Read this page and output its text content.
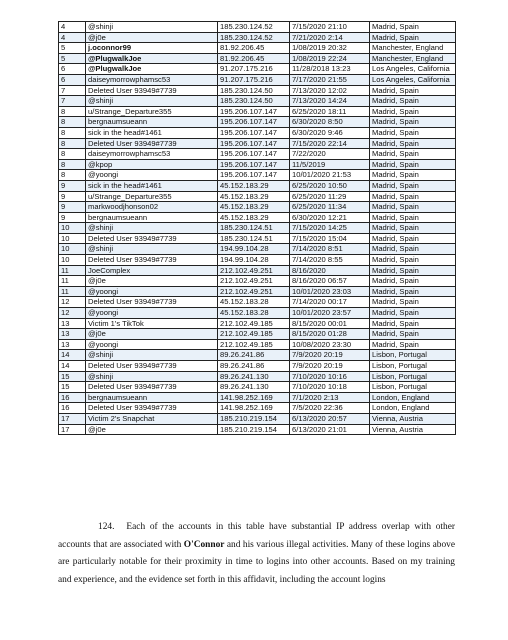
4	@shinji	185.230.124.52	7/15/2020 21:10	Madrid, Spain
4	@j0e	185.230.124.52	7/21/2020 2:14	Madrid, Spain
5	j.oconnor99	81.92.206.45	1/08/2019 20:32	Manchester, England
5	@PlugwalkJoe	81.92.206.45	1/08/2019 22:24	Manchester, England
6	@PlugwalkJoe	91.207.175.216	11/28/2018 13:23	Los Angeles, California
6	daiseymorrowphamsc53	91.207.175.216	7/17/2020 21:55	Los Angeles, California
7	Deleted User 93949#7739	185.230.124.50	7/13/2020 12:02	Madrid, Spain
7	@shinji	185.230.124.50	7/13/2020 14:24	Madrid, Spain
8	u/Strange_Departure355	195.206.107.147	6/25/2020 18:11	Madrid, Spain
8	bergnaumsueann	195.206.107.147	6/30/2020 8:50	Madrid, Spain
8	sick in the head#1461	195.206.107.147	6/30/2020 9:46	Madrid, Spain
8	Deleted User 93949#7739	195.206.107.147	7/15/2020 22:14	Madrid, Spain
8	daiseymorrowphamsc53	195.206.107.147	7/22/2020	Madrid, Spain
8	@kpop	195.206.107.147	11/5/2019	Madrid, Spain
8	@yoongi	195.206.107.147	10/01/2020 21:53	Madrid, Spain
9	sick in the head#1461	45.152.183.29	6/25/2020 10:50	Madrid, Spain
9	u/Strange_Departure355	45.152.183.29	6/25/2020 11:29	Madrid, Spain
9	markwoodjhonson02	45.152.183.29	6/25/2020 11:34	Madrid, Spain
9	bergnaumsueann	45.152.183.29	6/30/2020 12:21	Madrid, Spain
10	@shinji	185.230.124.51	7/15/2020 14:25	Madrid, Spain
10	Deleted User 93949#7739	185.230.124.51	7/15/2020 15:04	Madrid, Spain
10	@shinji	194.99.104.28	7/14/2020 8:51	Madrid, Spain
10	Deleted User 93949#7739	194.99.104.28	7/14/2020 8:55	Madrid, Spain
11	JoeComplex	212.102.49.251	8/16/2020	Madrid, Spain
11	@j0e	212.102.49.251	8/16/2020 06:57	Madrid, Spain
11	@yoongi	212.102.49.251	10/01/2020 23:03	Madrid, Spain
12	Deleted User 93949#7739	45.152.183.28	7/14/2020 00:17	Madrid, Spain
12	@yoongi	45.152.183.28	10/01/2020 23:57	Madrid, Spain
13	Victim 1's TikTok	212.102.49.185	8/15/2020 00:01	Madrid, Spain
13	@j0e	212.102.49.185	8/15/2020 01:28	Madrid, Spain
13	@yoongi	212.102.49.185	10/08/2020 23:30	Madrid, Spain
14	@shinji	89.26.241.86	7/9/2020 20:19	Lisbon, Portugal
14	Deleted User 93949#7739	89.26.241.86	7/9/2020 20:19	Lisbon, Portugal
15	@shinji	89.26.241.130	7/10/2020 10:16	Lisbon, Portugal
15	Deleted User 93949#7739	89.26.241.130	7/10/2020 10:18	Lisbon, Portugal
16	bergnaumsueann	141.98.252.169	7/1/2020 2:13	London, England
16	Deleted User 93949#7739	141.98.252.169	7/5/2020 22:36	London, England
17	Victim 2's Snapchat	185.210.219.154	6/13/2020 20:57	Vienna, Austria
17	@j0e	185.210.219.154	6/13/2020 21:01	Vienna, Austria

124. Each of the accounts in this table have substantial IP address overlap with other accounts that are associated with O'Connor and his various illegal activities. Many of these logins above are particularly notable for their proximity in time to logins into other accounts. Based on my training and experience, and the evidence set forth in this affidavit, including the account logins
